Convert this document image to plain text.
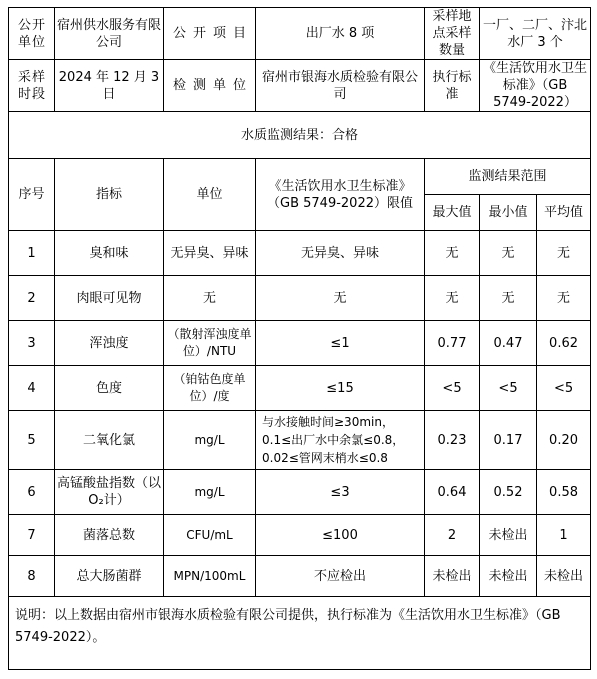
公开单位	宿州供水服务有限公司	公开项目	出厂水 8 项	采样地点采样数量	一厂、二厂、汴北水厂 3 个	
采样时段	2024 年 12 月 3 日	检测单位	宿州市银海水质检验有限公司	执行标准	《生活饮用水卫生标准》（GB 5749-2022）	
水质监测结果：合格						
序号	指标	单位	《生活饮用水卫生标准》（GB 5749-2022）限值	监测结果范围		
				最大值	最小值	平均值
1	臭和味	无异臭、异味	无异臭、异味	无	无	无
2	肉眼可见物	无	无	无	无	无
3	浑浊度	（散射浑浊度单位）/NTU	≤1	0.77	0.47	0.62
4	色度	（铂钴色度单位）/度	≤15	<5	<5	<5
5	二氧化氯	mg/L	与水接触时间≥30min，
0.1≤出厂水中余氯≤0.8，
0.02≤管网末梢水≤0.8	0.23	0.17	0.20
6	高锰酸盐指数（以 O₂计）	mg/L	≤3	0.64	0.52	0.58
7	菌落总数	CFU/mL	≤100	2	未检出	1
8	总大肠菌群	MPN/100mL	不应检出	未检出	未检出	未检出
说明：以上数据由宿州市银海水质检验有限公司提供，执行标准为《生活饮用水卫生标准》（GB 5749-2022）。						
